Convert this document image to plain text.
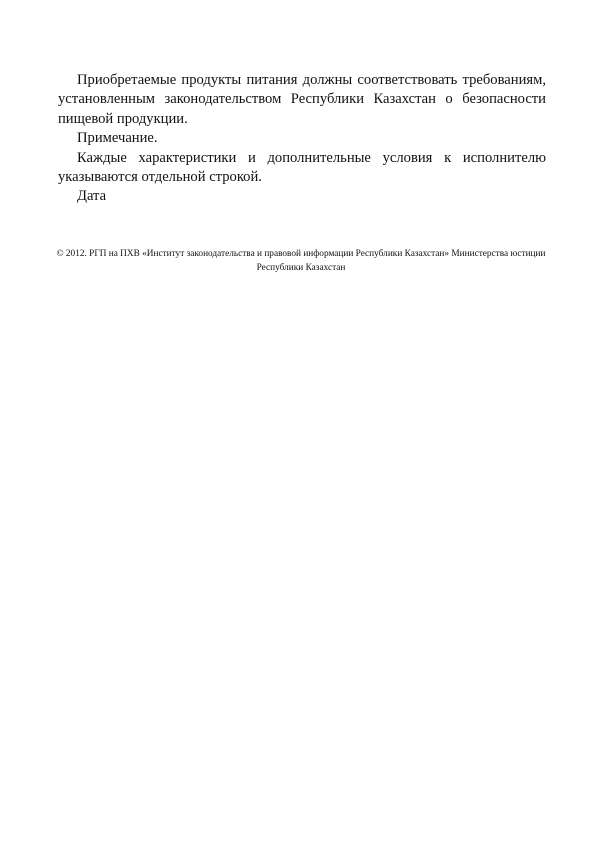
Приобретаемые продукты питания должны соответствовать требованиям, установленным законодательством Республики Казахстан о безопасности пищевой продукции.

Примечание.

Каждые характеристики и дополнительные условия к исполнителю указываются отдельной строкой.

Дата

© 2012. РГП на ПХВ «Институт законодательства и правовой информации Республики Казахстан» Министерства юстиции Республики Казахстан
